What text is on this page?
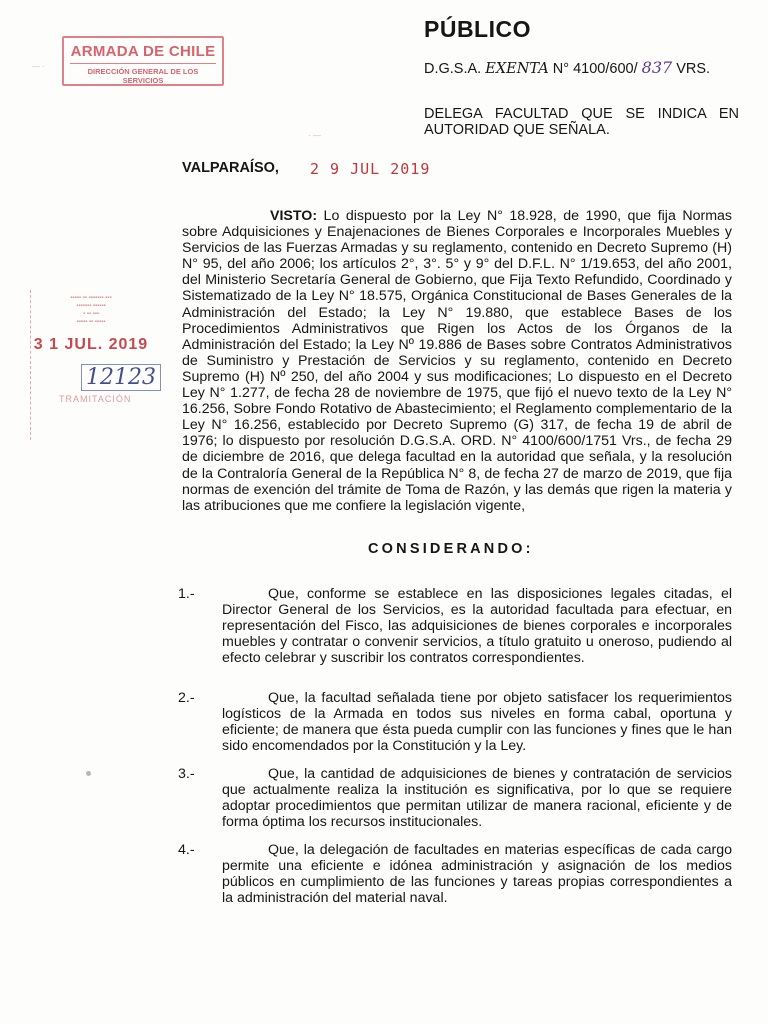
PÚBLICO
D.G.S.A. EXENTA N° 4100/600/ 837 VRS.
DELEGA FACULTAD QUE SE INDICA EN AUTORIDAD QUE SEÑALA.
ARMADA DE CHILE
DIRECCIÓN GENERAL DE LOS SERVICIOS
— ·
· —
VALPARAÍSO, 2 9 JUL 2019
▪▪▪▪▪ ▪▪ ▪▪▪▪▪▪▪ ▪▪▪
▪▪▪▪▪▪▪ ▪▪▪▪▪▪
▪ ▪▪ ▪▪▪
▪▪▪▪▪ ▪▪ ▪▪▪▪▪
3 1 JUL. 2019
12123
TRAMITACIÓN
VISTO: Lo dispuesto por la Ley N° 18.928, de 1990, que fija Normas sobre Adquisiciones y Enajenaciones de Bienes Corporales e Incorporales Muebles y Servicios de las Fuerzas Armadas y su reglamento, contenido en Decreto Supremo (H) N° 95, del año 2006; los artículos 2°, 3°. 5° y 9° del D.F.L. N° 1/19.653, del año 2001, del Ministerio Secretaría General de Gobierno, que Fija Texto Refundido, Coordinado y Sistematizado de la Ley N° 18.575, Orgánica Constitucional de Bases Generales de la Administración del Estado; la Ley N° 19.880, que establece Bases de los Procedimientos Administrativos que Rigen los Actos de los Órganos de la Administración del Estado; la Ley Nº 19.886 de Bases sobre Contratos Administrativos de Suministro y Prestación de Servicios y su reglamento, contenido en Decreto Supremo (H) Nº 250, del año 2004 y sus modificaciones; Lo dispuesto en el Decreto Ley N° 1.277, de fecha 28 de noviembre de 1975, que fijó el nuevo texto de la Ley N° 16.256, Sobre Fondo Rotativo de Abastecimiento; el Reglamento complementario de la Ley N° 16.256, establecido por Decreto Supremo (G) 317, de fecha 19 de abril de 1976; lo dispuesto por resolución D.G.S.A. ORD. N° 4100/600/1751 Vrs., de fecha 29 de diciembre de 2016, que delega facultad en la autoridad que señala, y la resolución de la Contraloría General de la República N° 8, de fecha 27 de marzo de 2019, que fija normas de exención del trámite de Toma de Razón, y las demás que rigen la materia y las atribuciones que me confiere la legislación vigente,
CONSIDERANDO:
1.-	Que, conforme se establece en las disposiciones legales citadas, el Director General de los Servicios, es la autoridad facultada para efectuar, en representación del Fisco, las adquisiciones de bienes corporales e incorporales muebles y contratar o convenir servicios, a título gratuito u oneroso, pudiendo al efecto celebrar y suscribir los contratos correspondientes.
2.-	Que, la facultad señalada tiene por objeto satisfacer los requerimientos logísticos de la Armada en todos sus niveles en forma cabal, oportuna y eficiente; de manera que ésta pueda cumplir con las funciones y fines que le han sido encomendados por la Constitución y la Ley.
3.-	Que, la cantidad de adquisiciones de bienes y contratación de servicios que actualmente realiza la institución es significativa, por lo que se requiere adoptar procedimientos que permitan utilizar de manera racional, eficiente y de forma óptima los recursos institucionales.
4.-	Que, la delegación de facultades en materias específicas de cada cargo permite una eficiente e idónea administración y asignación de los medios públicos en cumplimiento de las funciones y tareas propias correspondientes a la administración del material naval.
